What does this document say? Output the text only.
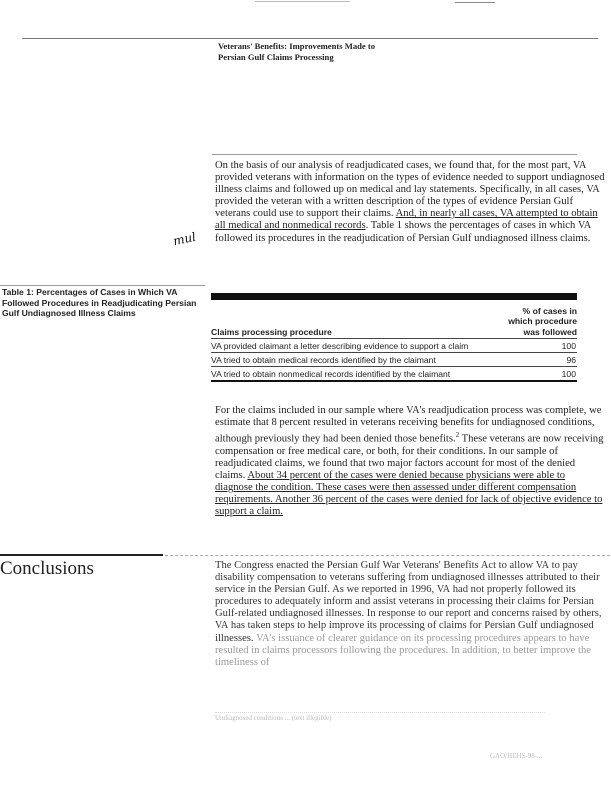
Veterans' Benefits: Improvements Made to
Persian Gulf Claims Processing
On the basis of our analysis of readjudicated cases, we found that, for the most part, VA provided veterans with information on the types of evidence needed to support undiagnosed illness claims and followed up on medical and lay statements. Specifically, in all cases, VA provided the veteran with a written description of the types of evidence Persian Gulf veterans could use to support their claims. And, in nearly all cases, VA attempted to obtain all medical and nonmedical records. Table 1 shows the percentages of cases in which VA followed its procedures in the readjudication of Persian Gulf undiagnosed illness claims.
mul
Table 1: Percentages of Cases in Which VA Followed Procedures in Readjudicating Persian Gulf Undiagnosed Illness Claims
Claims processing procedure	% of cases in which procedure was followed
VA provided claimant a letter describing evidence to support a claim	100
VA tried to obtain medical records identified by the claimant	96
VA tried to obtain nonmedical records identified by the claimant	100
For the claims included in our sample where VA's readjudication process was complete, we estimate that 8 percent resulted in veterans receiving benefits for undiagnosed conditions, although previously they had been denied those benefits.$^2$ These veterans are now receiving compensation or free medical care, or both, for their conditions. In our sample of readjudicated claims, we found that two major factors account for most of the denied claims. About 34 percent of the cases were denied because physicians were able to diagnose the condition. These cases were then assessed under different compensation requirements. Another 36 percent of the cases were denied for lack of objective evidence to support a claim.
Conclusions	The Congress enacted the Persian Gulf War Veterans' Benefits Act to allow VA to pay disability compensation to veterans suffering from undiagnosed illnesses attributed to their service in the Persian Gulf. As we reported in 1996, VA had not properly followed its procedures to adequately inform and assist veterans in processing their claims for Persian Gulf-related undiagnosed illnesses. In response to our report and concerns raised by others, VA has taken steps to help improve its processing of claims for Persian Gulf undiagnosed illnesses. VA's issuance of clearer guidance on its processing procedures appears to have resulted in claims processors following the procedures. In addition, to better improve the timeliness of
Undiagnosed conditions ... (text illegible)
GAO/HEHS-98-...
